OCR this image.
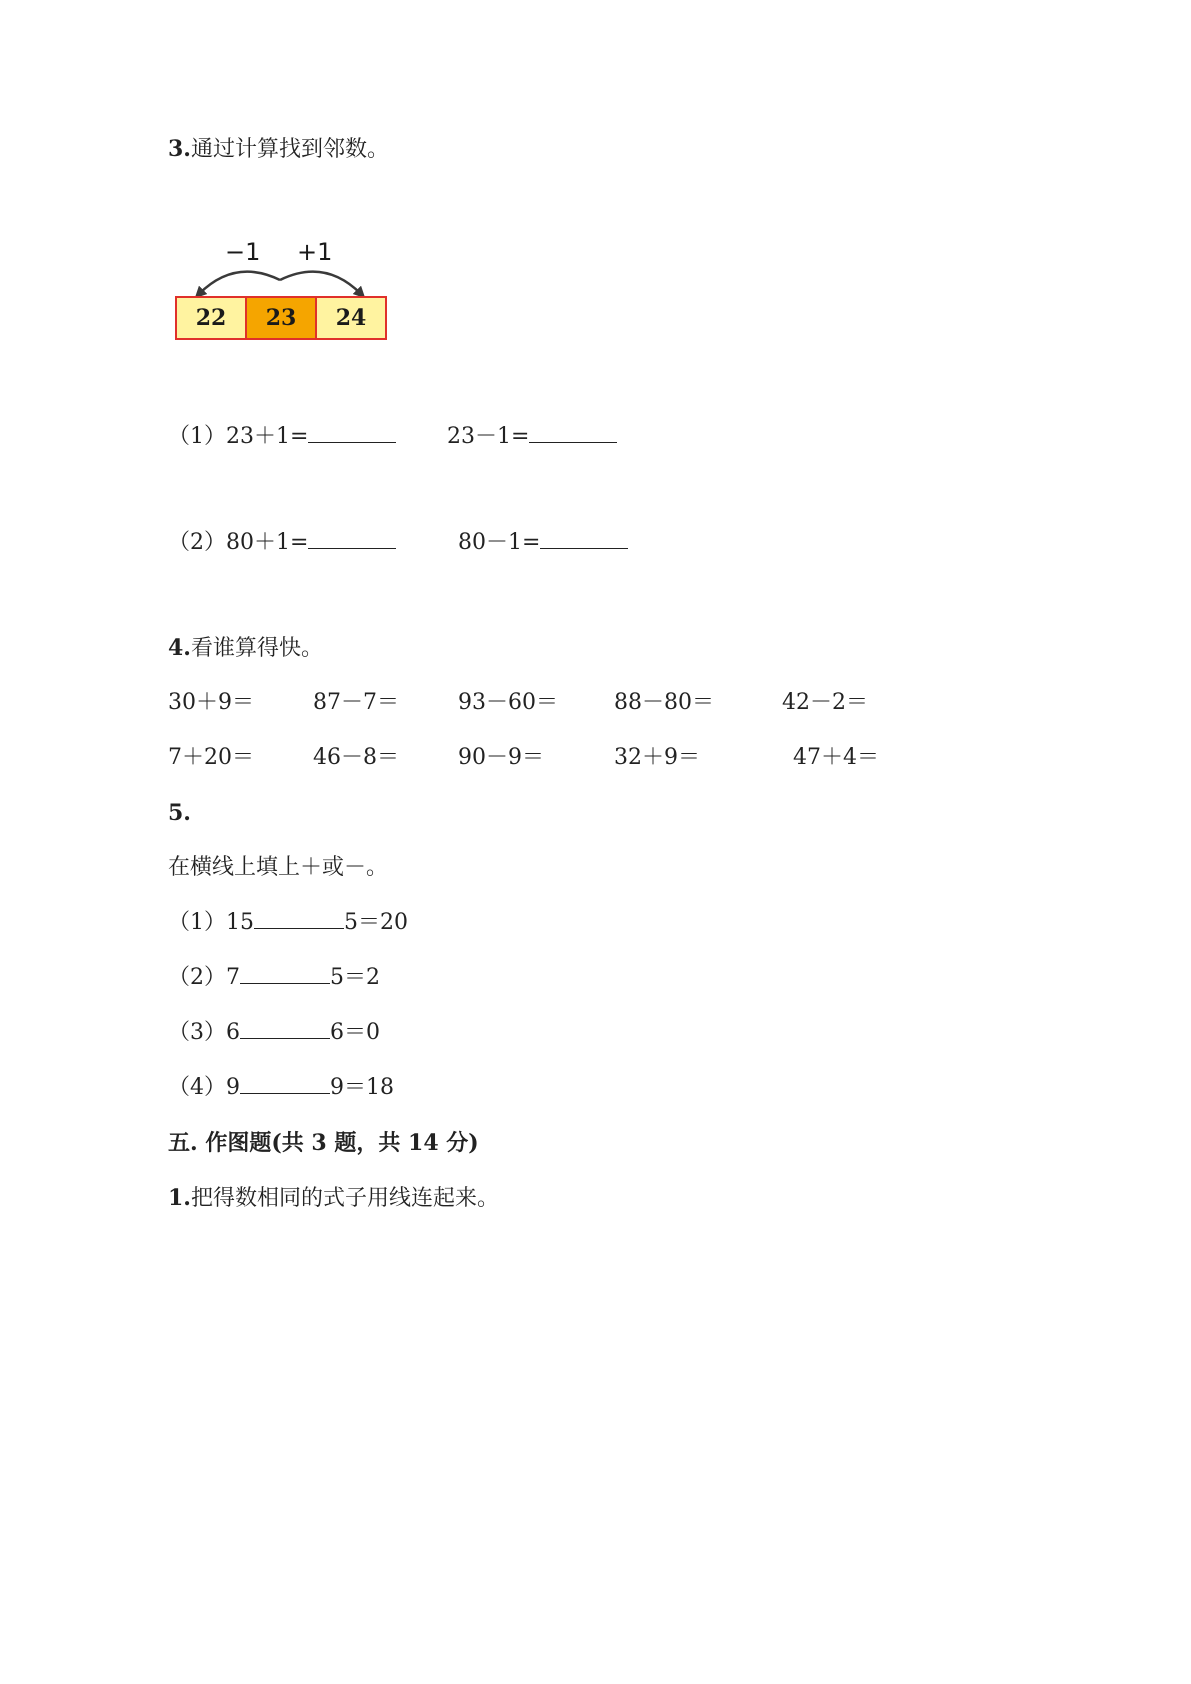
3.通过计算找到邻数。
−1 +1
22	23	24
（1）23＋1=	23－1=
（2）80＋1=	80－1=
4.看谁算得快。
30＋9＝	87－7＝	93－60＝	88－80＝	42－2＝
7＋20＝	46－8＝	90－9＝	32＋9＝	47＋4＝
5.
在横线上填上＋或－。
（1）15	5＝20
（2）7	5＝2
（3）6	6＝0
（4）9	9＝18
五. 作图题(共 3 题，共 14 分)
1.把得数相同的式子用线连起来。
